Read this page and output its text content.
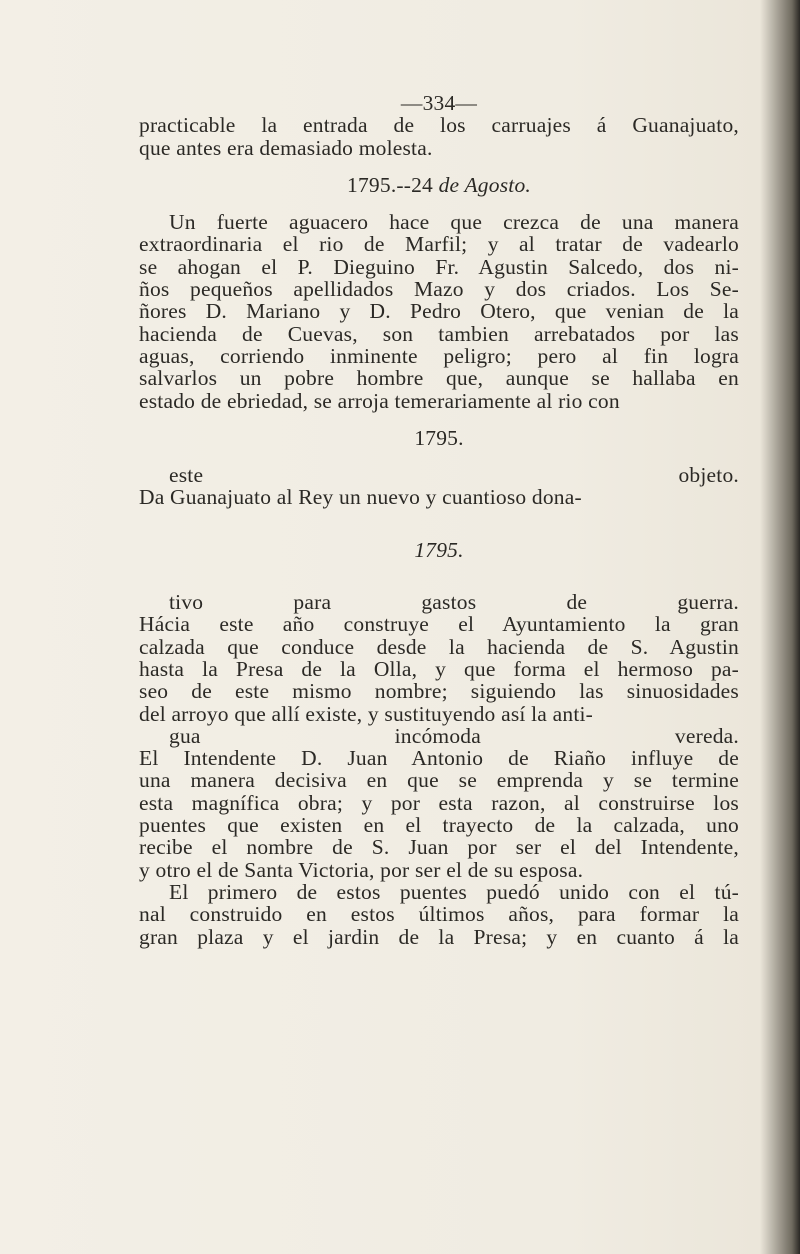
—334—
practicable la entrada de los carruajes á Guanajuato,
que antes era demasiado molesta.
1795.--24 de Agosto.
Un fuerte aguacero hace que crezca de una manera
extraordinaria el rio de Marfil; y al tratar de vadearlo
se ahogan el P. Dieguino Fr. Agustin Salcedo, dos ni-
ños pequeños apellidados Mazo y dos criados. Los Se-
ñores D. Mariano y D. Pedro Otero, que venian de la
hacienda de Cuevas, son tambien arrebatados por las
aguas, corriendo inminente peligro; pero al fin logra
salvarlos un pobre hombre que, aunque se hallaba en
estado de ebriedad, se arroja temerariamente al rio con
1795.
este objeto.
Da Guanajuato al Rey un nuevo y cuantioso dona-
1795.
tivo para gastos de guerra.
Hácia este año construye el Ayuntamiento la gran
calzada que conduce desde la hacienda de S. Agustin
hasta la Presa de la Olla, y que forma el hermoso pa-
seo de este mismo nombre; siguiendo las sinuosidades
del arroyo que allí existe, y sustituyendo así la anti-
gua incómoda vereda.
El Intendente D. Juan Antonio de Riaño influye de
una manera decisiva en que se emprenda y se termine
esta magnífica obra; y por esta razon, al construirse los
puentes que existen en el trayecto de la calzada, uno
recibe el nombre de S. Juan por ser el del Intendente,
y otro el de Santa Victoria, por ser el de su esposa.
El primero de estos puentes puedó unido con el tú-
nal construido en estos últimos años, para formar la
gran plaza y el jardin de la Presa; y en cuanto á la
